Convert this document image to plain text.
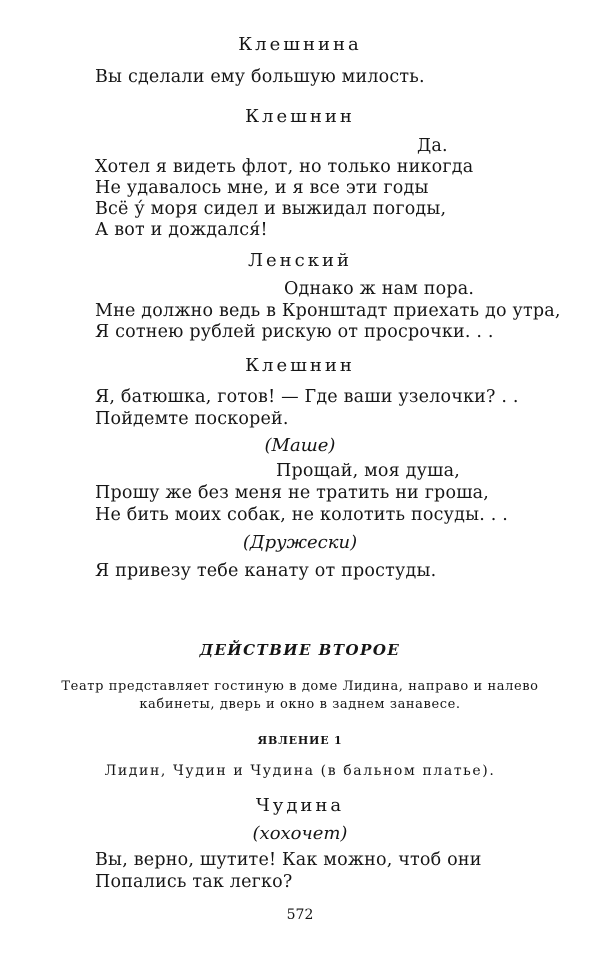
Клешнина
Вы сделали ему большую милость.
Клешнин
Да.
Хотел я видеть флот, но только никогда
Не удавалось мне, и я все эти годы
Всё у́ моря сидел и выжидал погоды,
А вот и дождался́!
Ленский
Однако ж нам пора.
Мне должно ведь в Кронштадт приехать до утра,
Я сотнею рублей рискую от просрочки. . .
Клешнин
Я, батюшка, готов! — Где ваши узелочки? . .
Пойдемте поскорей.
(Маше)
Прощай, моя душа,
Прошу же без меня не тратить ни гроша,
Не бить моих собак, не колотить посуды. . .
(Дружески)
Я привезу тебе канату от простуды.
ДЕЙСТВИЕ ВТОРОЕ
Театр представляет гостиную в доме Лидина, направо и налево
кабинеты, дверь и окно в заднем занавесе.
ЯВЛЕНИЕ 1
Лидин, Чудин и Чудина (в бальном платье).
Чудина
(хохочет)
Вы, верно, шутите! Как можно, чтоб они
Попались так легко?
572
